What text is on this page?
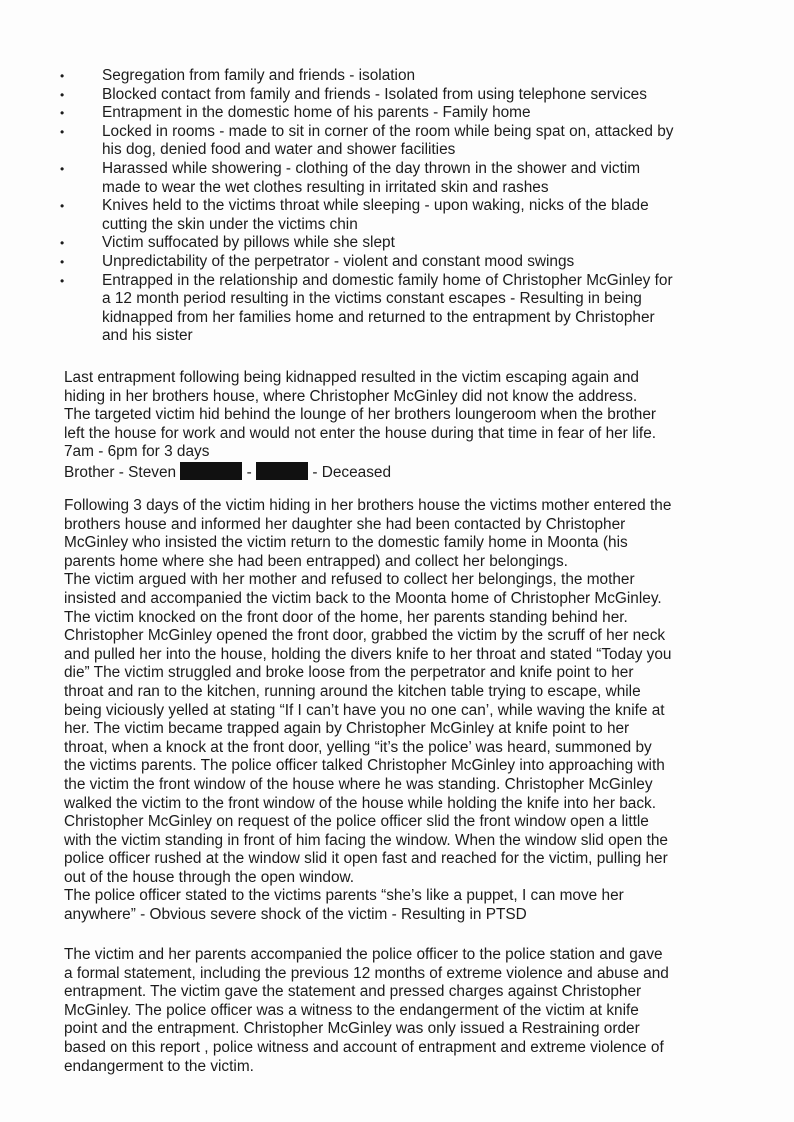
• Segregation from family and friends - isolation
• Blocked contact from family and friends - Isolated from using telephone services
• Entrapment in the domestic home of his parents - Family home
• Locked in rooms - made to sit in corner of the room while being spat on, attacked by
his dog, denied food and water and shower facilities
• Harassed while showering - clothing of the day thrown in the shower and victim
made to wear the wet clothes resulting in irritated skin and rashes
• Knives held to the victims throat while sleeping - upon waking, nicks of the blade
cutting the skin under the victims chin
• Victim suffocated by pillows while she slept
• Unpredictability of the perpetrator - violent and constant mood swings
• Entrapped in the relationship and domestic family home of Christopher McGinley for
a 12 month period resulting in the victims constant escapes - Resulting in being
kidnapped from her families home and returned to the entrapment by Christopher
and his sister
Last entrapment following being kidnapped resulted in the victim escaping again and
hiding in her brothers house, where Christopher McGinley did not know the address.
The targeted victim hid behind the lounge of her brothers loungeroom when the brother
left the house for work and would not enter the house during that time in fear of her life.
7am - 6pm for 3 days
Brother - Steven	-	- Deceased
Following 3 days of the victim hiding in her brothers house the victims mother entered the
brothers house and informed her daughter she had been contacted by Christopher
McGinley who insisted the victim return to the domestic family home in Moonta (his
parents home where she had been entrapped) and collect her belongings.
The victim argued with her mother and refused to collect her belongings, the mother
insisted and accompanied the victim back to the Moonta home of Christopher McGinley.
The victim knocked on the front door of the home, her parents standing behind her.
Christopher McGinley opened the front door, grabbed the victim by the scruff of her neck
and pulled her into the house, holding the divers knife to her throat and stated “Today you
die” The victim struggled and broke loose from the perpetrator and knife point to her
throat and ran to the kitchen, running around the kitchen table trying to escape, while
being viciously yelled at stating “If I can’t have you no one can’, while waving the knife at
her. The victim became trapped again by Christopher McGinley at knife point to her
throat, when a knock at the front door, yelling “it’s the police’ was heard, summoned by
the victims parents. The police officer talked Christopher McGinley into approaching with
the victim the front window of the house where he was standing. Christopher McGinley
walked the victim to the front window of the house while holding the knife into her back.
Christopher McGinley on request of the police officer slid the front window open a little
with the victim standing in front of him facing the window. When the window slid open the
police officer rushed at the window slid it open fast and reached for the victim, pulling her
out of the house through the open window.
The police officer stated to the victims parents “she’s like a puppet, I can move her
anywhere” - Obvious severe shock of the victim - Resulting in PTSD
The victim and her parents accompanied the police officer to the police station and gave
a formal statement, including the previous 12 months of extreme violence and abuse and
entrapment. The victim gave the statement and pressed charges against Christopher
McGinley. The police officer was a witness to the endangerment of the victim at knife
point and the entrapment. Christopher McGinley was only issued a Restraining order
based on this report , police witness and account of entrapment and extreme violence of
endangerment to the victim.
